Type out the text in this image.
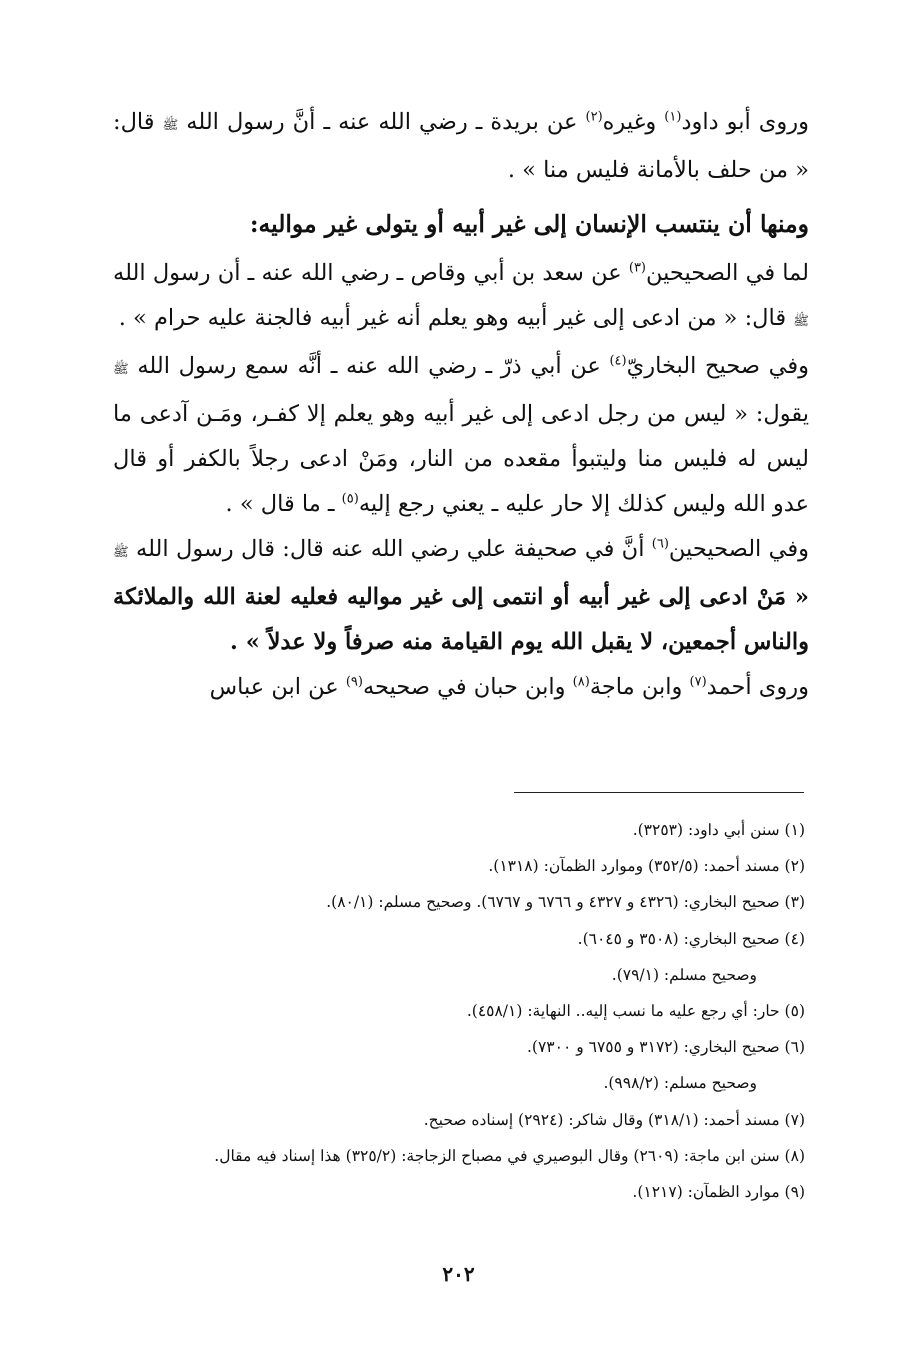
وروى أبو داود$^{(١)}$ وغيره$^{(٢)}$ عن بريدة ـ رضي الله عنه ـ أنَّ رسول الله ﷺ قال: « من حلف بالأمانة فليس منا » .

ومنها أن ينتسب الإنسان إلى غير أبيه أو يتولى غير مواليه:

لما في الصحيحين$^{(٣)}$ عن سعد بن أبي وقاص ـ رضي الله عنه ـ أن رسول الله ﷺ قال: « من ادعى إلى غير أبيه وهو يعلم أنه غير أبيه فالجنة عليه حرام » .

وفي صحيح البخاريّ$^{(٤)}$ عن أبي ذرّ ـ رضي الله عنه ـ أنَّه سمع رسول الله ﷺ يقول: « ليس من رجل ادعى إلى غير أبيه وهو يعلم إلا كفـر، ومَـن آدعى ما ليس له فليس منا وليتبوأ مقعده من النار، ومَنْ ادعى رجلاً بالكفر أو قال عدو الله وليس كذلك إلا حار عليه ـ يعني رجع إليه$^{(٥)}$ ـ ما قال » .

وفي الصحيحين$^{(٦)}$ أنَّ في صحيفة علي رضي الله عنه قال: قال رسول الله ﷺ « مَنْ ادعى إلى غير أبيه أو انتمى إلى غير مواليه فعليه لعنة الله والملائكة والناس أجمعين، لا يقبل الله يوم القيامة منه صرفاً ولا عدلاً » .

وروى أحمد$^{(٧)}$ وابن ماجة$^{(٨)}$ وابن حبان في صحيحه$^{(٩)}$ عن ابن عباس

(١) سنن أبي داود: (٣٢٥٣).

(٢) مسند أحمد: (٣٥٢/٥) وموارد الظمآن: (١٣١٨).

(٣) صحيح البخاري: (٤٣٢٦ و ٤٣٢٧ و ٦٧٦٦ و ٦٧٦٧). وصحيح مسلم: (٨٠/١).

(٤) صحيح البخاري: (٣٥٠٨ و ٦٠٤٥).

وصحيح مسلم: (٧٩/١).

(٥) حار: أي رجع عليه ما نسب إليه.. النهاية: (٤٥٨/١).

(٦) صحيح البخاري: (٣١٧٢ و ٦٧٥٥ و ٧٣٠٠).

وصحيح مسلم: (٩٩٨/٢).

(٧) مسند أحمد: (٣١٨/١) وقال شاكر: (٢٩٢٤) إسناده صحيح.

(٨) سنن ابن ماجة: (٢٦٠٩) وقال البوصيري في مصباح الزجاجة: (٣٢٥/٢) هذا إسناد فيه مقال.

(٩) موارد الظمآن: (١٢١٧).

٢٠٢
